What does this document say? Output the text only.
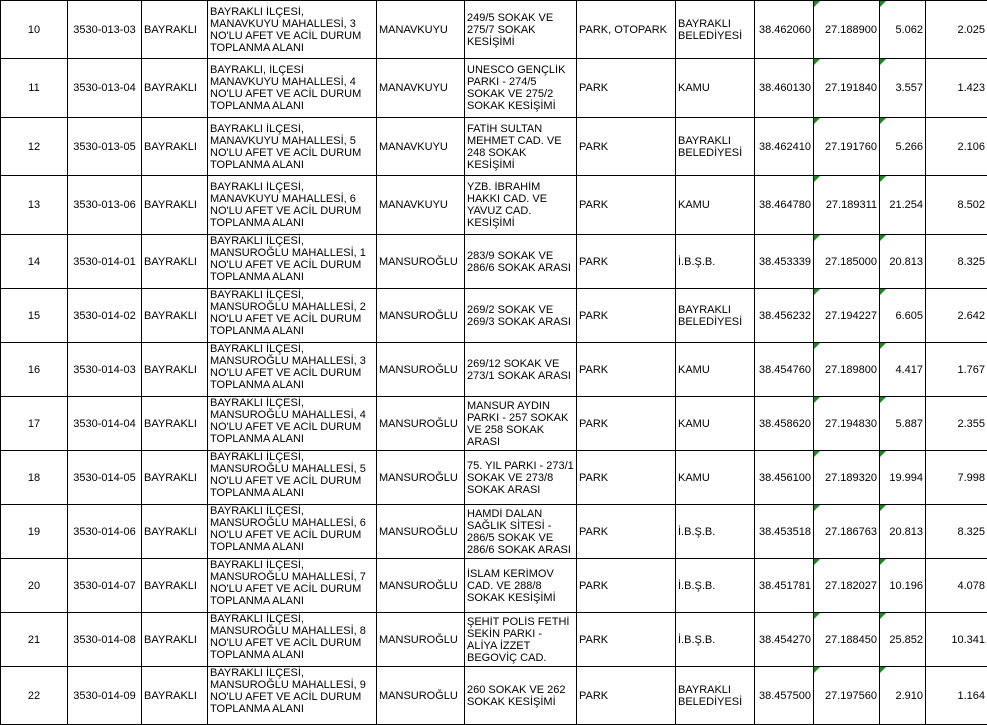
10	3530-013-03	BAYRAKLI	BAYRAKLI İLÇESİ, MANAVKUYU MAHALLESİ, 3 NO'LU AFET VE ACİL DURUM TOPLANMA ALANI	MANAVKUYU	249/5 SOKAK VE 275/7 SOKAK KESİŞİMİ	PARK, OTOPARK	BAYRAKLI BELEDİYESİ	38.462060	27.188900	5.062	2.025
11	3530-013-04	BAYRAKLI	BAYRAKLI, İLÇESİ MANAVKUYU MAHALLESİ, 4 NO'LU AFET VE ACİL DURUM TOPLANMA ALANI	MANAVKUYU	UNESCO GENÇLİK PARKI - 274/5 SOKAK VE 275/2 SOKAK KESİŞİMİ	PARK	KAMU	38.460130	27.191840	3.557	1.423
12	3530-013-05	BAYRAKLI	BAYRAKLI İLÇESİ, MANAVKUYU MAHALLESİ, 5 NO'LU AFET VE ACİL DURUM TOPLANMA ALANI	MANAVKUYU	FATİH SULTAN MEHMET CAD. VE 248 SOKAK KESİŞİMİ	PARK	BAYRAKLI BELEDİYESİ	38.462410	27.191760	5.266	2.106
13	3530-013-06	BAYRAKLI	BAYRAKLI İLÇESİ, MANAVKUYU MAHALLESİ, 6 NO'LU AFET VE ACİL DURUM TOPLANMA ALANI	MANAVKUYU	YZB. İBRAHİM HAKKI CAD. VE YAVUZ CAD. KESİŞİMİ	PARK	KAMU	38.464780	27.189311	21.254	8.502
14	3530-014-01	BAYRAKLI	BAYRAKLI İLÇESİ, MANSUROĞLU MAHALLESİ, 1 NO'LU AFET VE ACİL DURUM TOPLANMA ALANI	MANSUROĞLU	283/9 SOKAK VE 286/6 SOKAK ARASI	PARK	İ.B.Ş.B.	38.453339	27.185000	20.813	8.325
15	3530-014-02	BAYRAKLI	BAYRAKLI İLÇESİ, MANSUROĞLU MAHALLESİ, 2 NO'LU AFET VE ACİL DURUM TOPLANMA ALANI	MANSUROĞLU	269/2 SOKAK VE 269/3 SOKAK ARASI	PARK	BAYRAKLI BELEDİYESİ	38.456232	27.194227	6.605	2.642
16	3530-014-03	BAYRAKLI	BAYRAKLI İLÇESİ, MANSUROĞLU MAHALLESİ, 3 NO'LU AFET VE ACİL DURUM TOPLANMA ALANI	MANSUROĞLU	269/12 SOKAK VE 273/1 SOKAK ARASI	PARK	KAMU	38.454760	27.189800	4.417	1.767
17	3530-014-04	BAYRAKLI	BAYRAKLI İLÇESİ, MANSUROĞLU MAHALLESİ, 4 NO'LU AFET VE ACİL DURUM TOPLANMA ALANI	MANSUROĞLU	MANSUR AYDIN PARKI - 257 SOKAK VE 258 SOKAK ARASI	PARK	KAMU	38.458620	27.194830	5.887	2.355
18	3530-014-05	BAYRAKLI	BAYRAKLI İLÇESİ, MANSUROĞLU MAHALLESİ, 5 NO'LU AFET VE ACİL DURUM TOPLANMA ALANI	MANSUROĞLU	75. YIL PARKI - 273/1 SOKAK VE 273/8 SOKAK ARASI	PARK	KAMU	38.456100	27.189320	19.994	7.998
19	3530-014-06	BAYRAKLI	BAYRAKLI İLÇESİ, MANSUROĞLU MAHALLESİ, 6 NO'LU AFET VE ACİL DURUM TOPLANMA ALANI	MANSUROĞLU	HAMDİ DALAN SAĞLIK SİTESİ - 286/5 SOKAK VE 286/6 SOKAK ARASI	PARK	İ.B.Ş.B.	38.453518	27.186763	20.813	8.325
20	3530-014-07	BAYRAKLI	BAYRAKLI İLÇESİ, MANSUROĞLU MAHALLESİ, 7 NO'LU AFET VE ACİL DURUM TOPLANMA ALANI	MANSUROĞLU	İSLAM KERİMOV CAD. VE 288/8 SOKAK KESİŞİMİ	PARK	İ.B.Ş.B.	38.451781	27.182027	10.196	4.078
21	3530-014-08	BAYRAKLI	BAYRAKLI İLÇESİ, MANSUROĞLU MAHALLESİ, 8 NO'LU AFET VE ACİL DURUM TOPLANMA ALANI	MANSUROĞLU	ŞEHİT POLİS FETHİ SEKİN PARKI - ALİYA İZZET BEGOVİÇ CAD.	PARK	İ.B.Ş.B.	38.454270	27.188450	25.852	10.341
22	3530-014-09	BAYRAKLI	BAYRAKLI İLÇESİ, MANSUROĞLU MAHALLESİ, 9 NO'LU AFET VE ACİL DURUM TOPLANMA ALANI	MANSUROĞLU	260 SOKAK VE 262 SOKAK KESİŞİMİ	PARK	BAYRAKLI BELEDİYESİ	38.457500	27.197560	2.910	1.164
